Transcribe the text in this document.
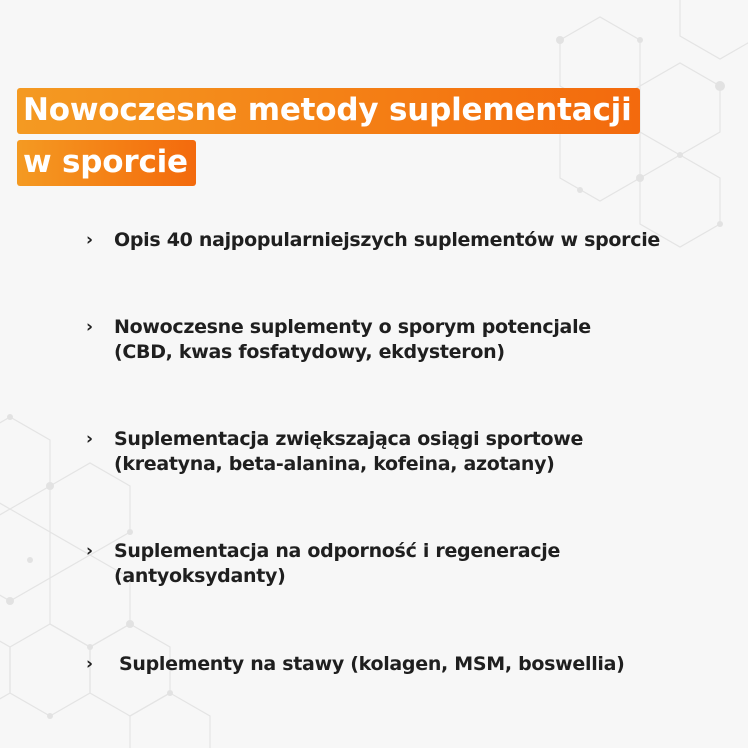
Nowoczesne metody suplementacji
w sporcie
›	Opis 40 najpopularniejszych suplementów w sporcie
›	Nowoczesne suplementy o sporym potencjale
(CBD, kwas fosfatydowy, ekdysteron)
›	Suplementacja zwiększająca osiągi sportowe
(kreatyna, beta-alanina, kofeina, azotany)
›	Suplementacja na odporność i regeneracje
(antyoksydanty)
›	Suplementy na stawy (kolagen, MSM, boswellia)
